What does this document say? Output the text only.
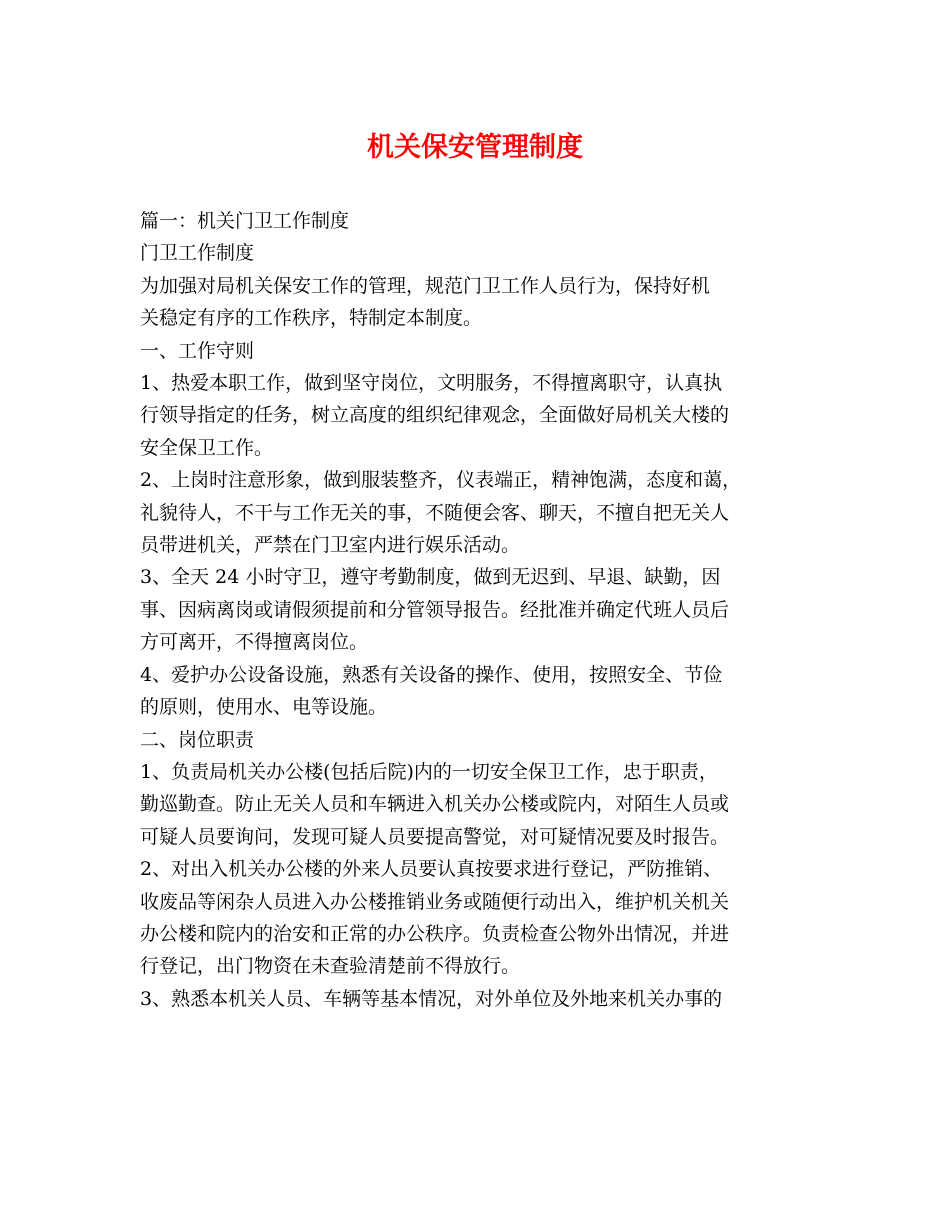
机关保安管理制度

篇一：机关门卫工作制度

门卫工作制度

为加强对局机关保安工作的管理，规范门卫工作人员行为，保持好机

关稳定有序的工作秩序，特制定本制度。

一、工作守则

1、热爱本职工作，做到坚守岗位，文明服务，不得擅离职守，认真执

行领导指定的任务，树立高度的组织纪律观念，全面做好局机关大楼的

安全保卫工作。

2、上岗时注意形象，做到服装整齐，仪表端正，精神饱满，态度和蔼，

礼貌待人，不干与工作无关的事，不随便会客、聊天，不擅自把无关人

员带进机关，严禁在门卫室内进行娱乐活动。

3、全天 24 小时守卫，遵守考勤制度，做到无迟到、早退、缺勤，因

事、因病离岗或请假须提前和分管领导报告。经批准并确定代班人员后

方可离开，不得擅离岗位。

4、爱护办公设备设施，熟悉有关设备的操作、使用，按照安全、节俭

的原则，使用水、电等设施。

二、岗位职责

1、负责局机关办公楼(包括后院)内的一切安全保卫工作，忠于职责，

勤巡勤查。防止无关人员和车辆进入机关办公楼或院内，对陌生人员或

可疑人员要询问，发现可疑人员要提高警觉，对可疑情况要及时报告。

2、对出入机关办公楼的外来人员要认真按要求进行登记，严防推销、

收废品等闲杂人员进入办公楼推销业务或随便行动出入，维护机关机关

办公楼和院内的治安和正常的办公秩序。负责检查公物外出情况，并进

行登记，出门物资在未查验清楚前不得放行。

3、熟悉本机关人员、车辆等基本情况，对外单位及外地来机关办事的
